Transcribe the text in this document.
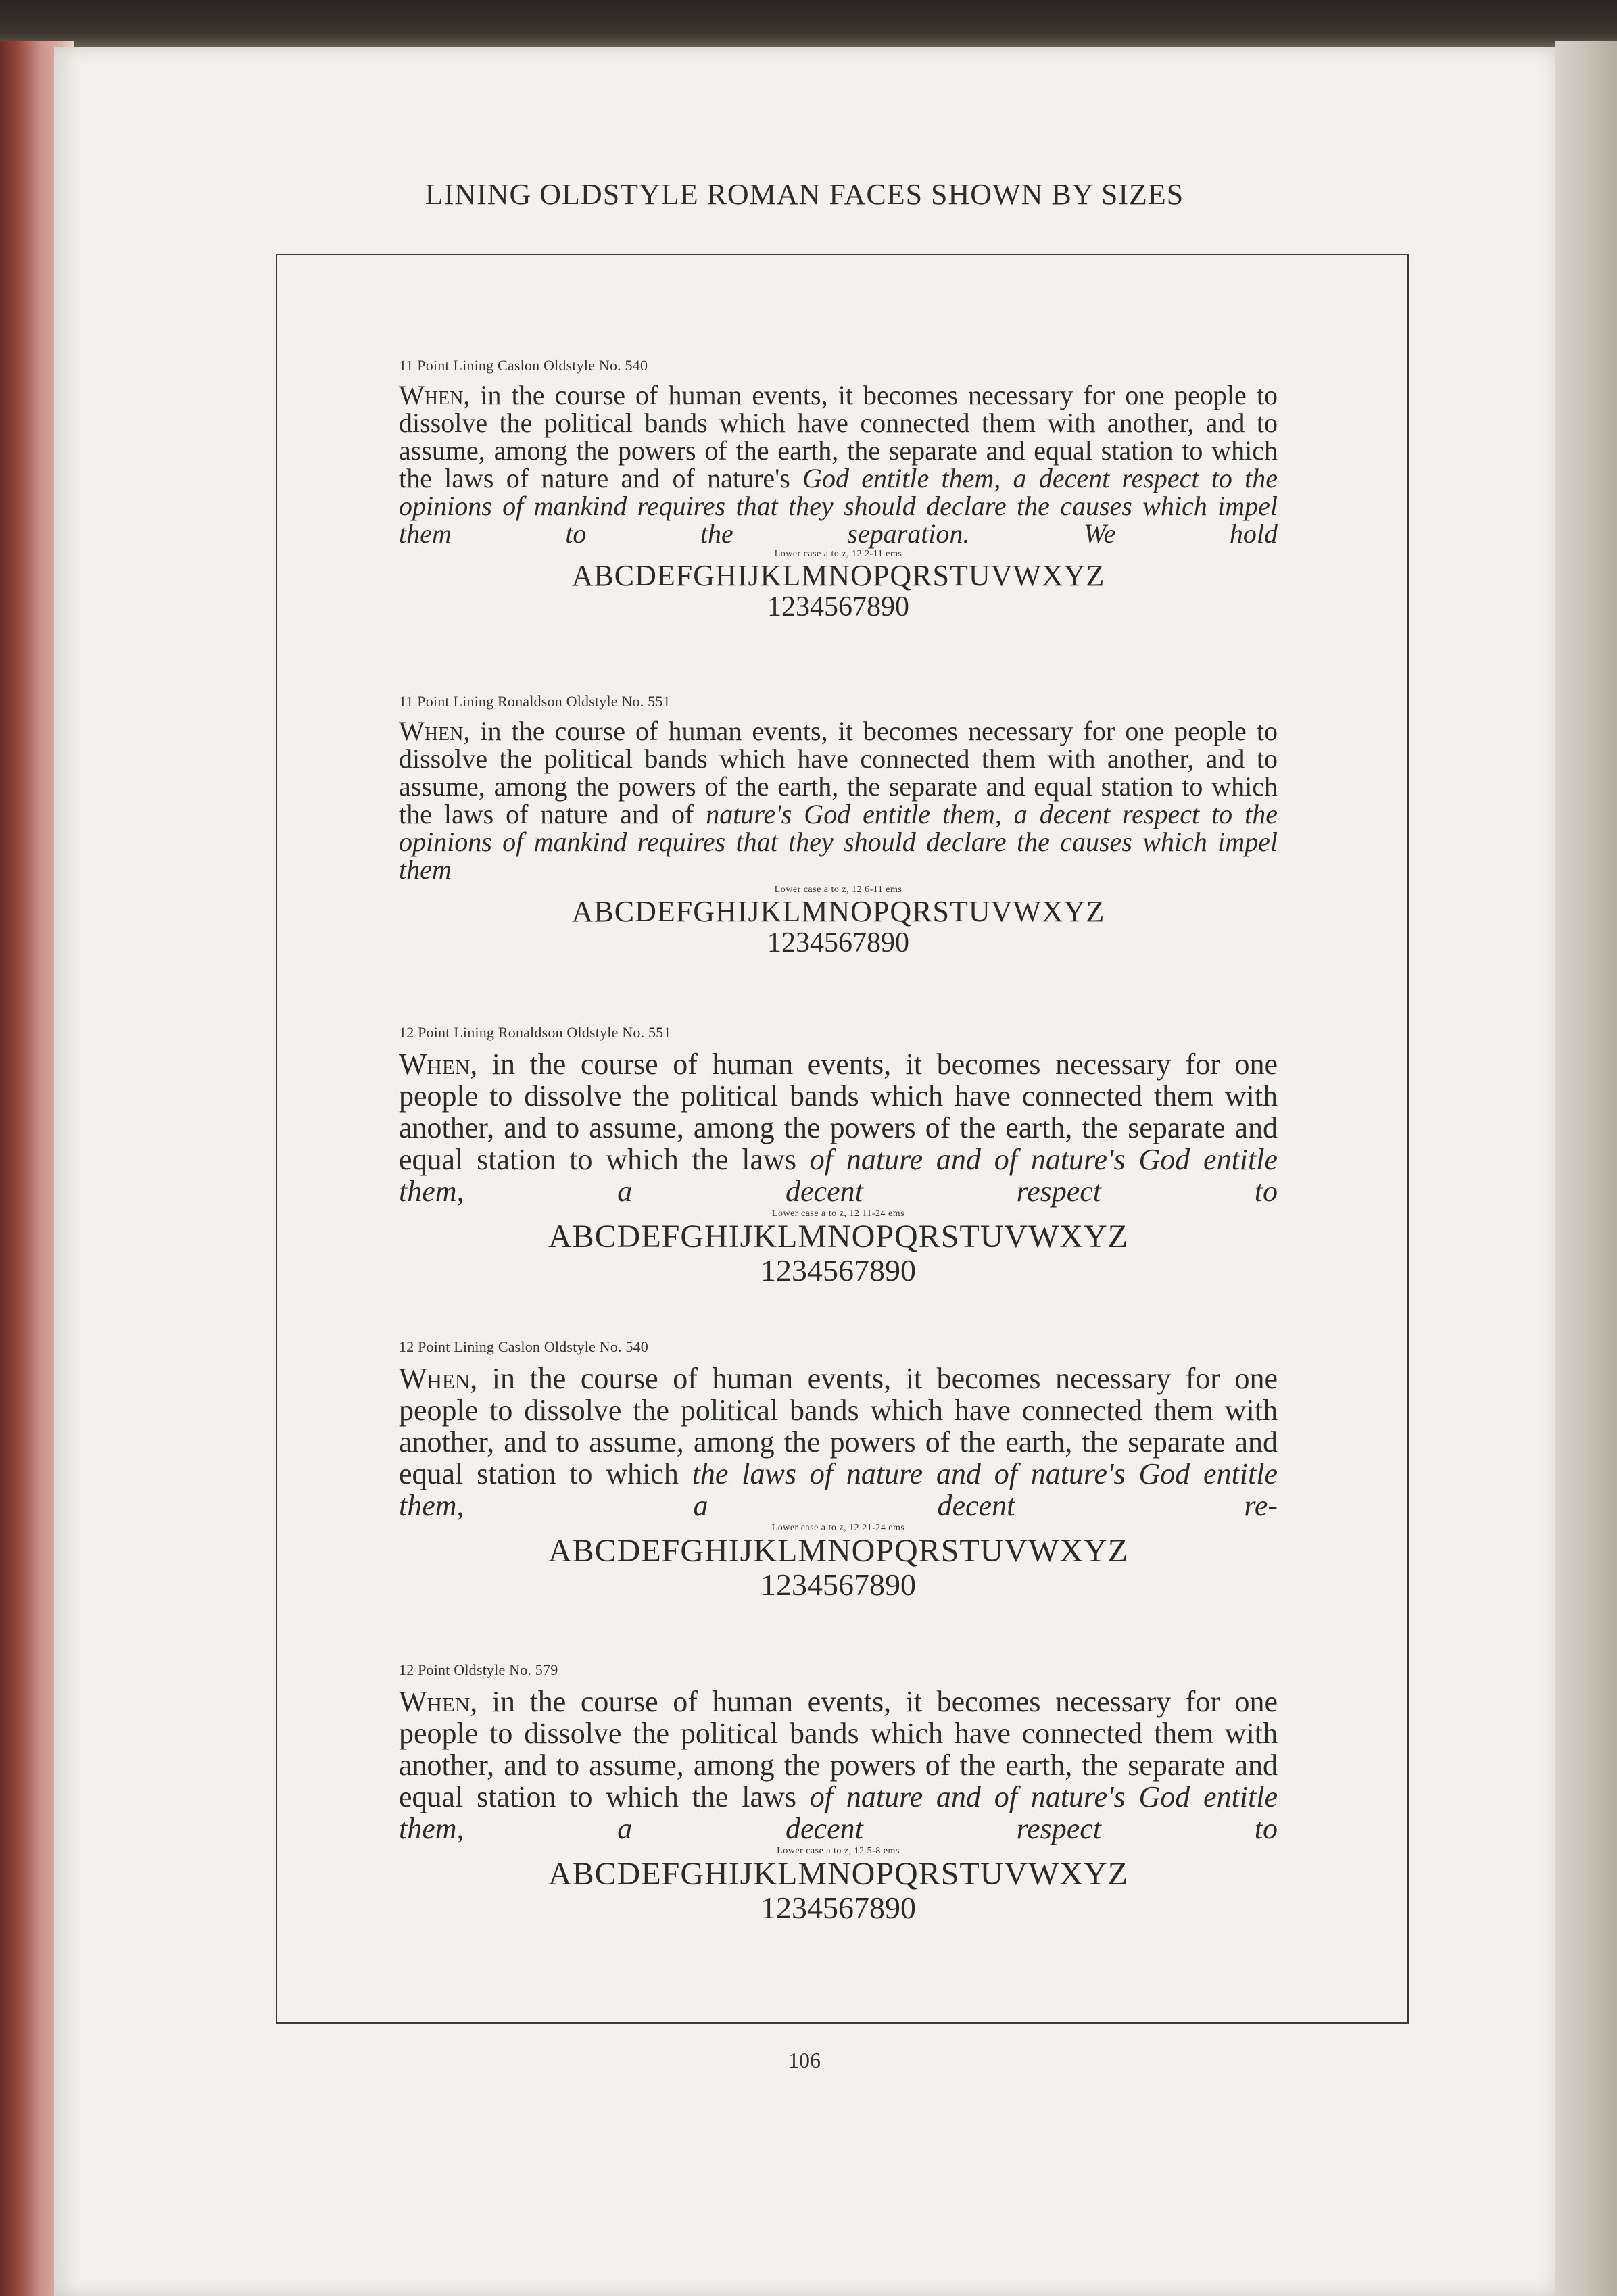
LINING OLDSTYLE ROMAN FACES SHOWN BY SIZES

11 Point Lining Caslon Oldstyle No. 540

When, in the course of human events, it becomes necessary for one people to dissolve the political bands which have connected them with another, and to assume, among the powers of the earth, the separate and equal station to which the laws of nature and of nature's God entitle them, a decent respect to the opinions of mankind requires that they should declare the causes which impel them to the separation. We hold

Lower case a to z, 12 2-11 ems

ABCDEFGHIJKLMNOPQRSTUVWXYZ

1234567890

11 Point Lining Ronaldson Oldstyle No. 551

When, in the course of human events, it becomes necessary for one people to dissolve the political bands which have connected them with another, and to assume, among the powers of the earth, the separate and equal station to which the laws of nature and of nature's God entitle them, a decent respect to the opinions of mankind requires that they should declare the causes which impel them

Lower case a to z, 12 6-11 ems

ABCDEFGHIJKLMNOPQRSTUVWXYZ

1234567890

12 Point Lining Ronaldson Oldstyle No. 551

When, in the course of human events, it becomes necessary for one people to dissolve the political bands which have connected them with another, and to assume, among the powers of the earth, the separate and equal station to which the laws of nature and of nature's God entitle them, a decent respect to

Lower case a to z, 12 11-24 ems

ABCDEFGHIJKLMNOPQRSTUVWXYZ

1234567890

12 Point Lining Caslon Oldstyle No. 540

When, in the course of human events, it becomes necessary for one people to dissolve the political bands which have connected them with another, and to assume, among the powers of the earth, the separate and equal station to which the laws of nature and of nature's God entitle them, a decent re-

Lower case a to z, 12 21-24 ems

ABCDEFGHIJKLMNOPQRSTUVWXYZ

1234567890

12 Point Oldstyle No. 579

When, in the course of human events, it becomes necessary for one people to dissolve the political bands which have connected them with another, and to assume, among the powers of the earth, the separate and equal station to which the laws of nature and of nature's God entitle them, a decent respect to

Lower case a to z, 12 5-8 ems

ABCDEFGHIJKLMNOPQRSTUVWXYZ

1234567890

106
